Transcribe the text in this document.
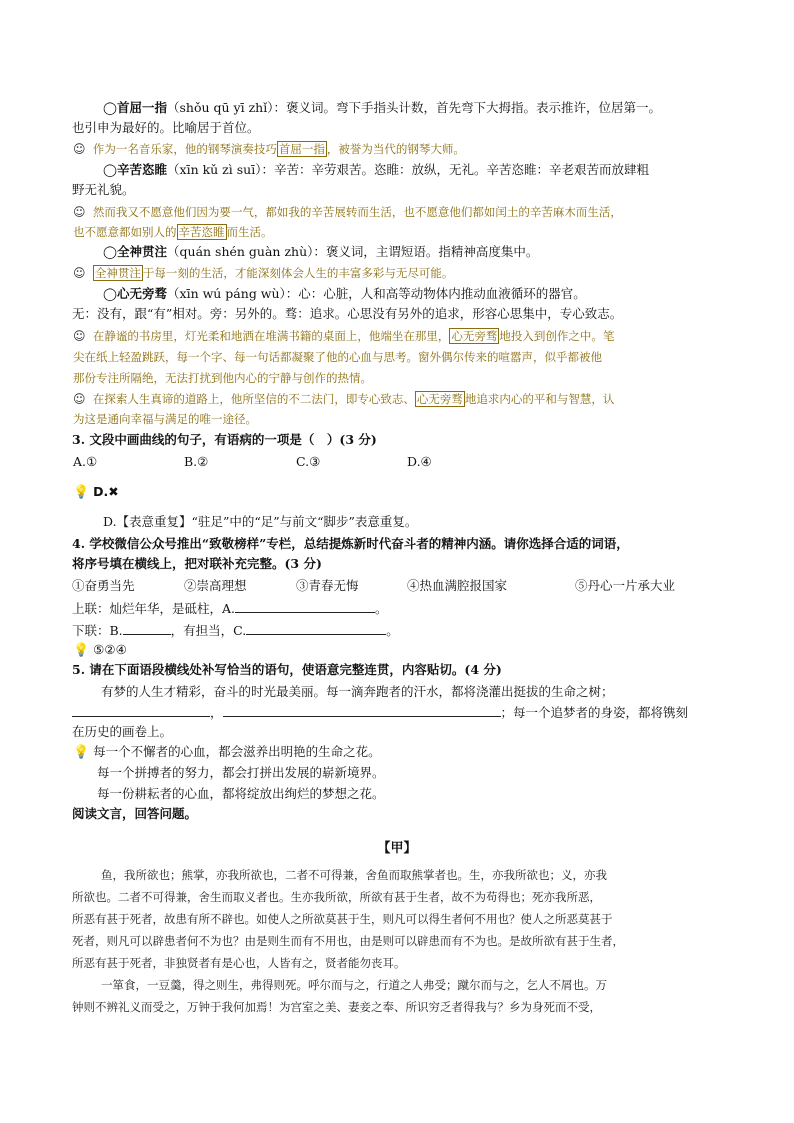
◯首屈一指（shǒu qū yī zhǐ）：褒义词。弯下手指头计数，首先弯下大拇指。表示推许，位居第一。
也引申为最好的。比喻居于首位。
☺ 作为一名音乐家，他的钢琴演奏技巧 首屈一指 ，被誉为当代的钢琴大师。
◯辛苦恣睢（xīn kǔ zì suī）：辛苦：辛劳艰苦。恣睢：放纵，无礼。辛苦恣睢：辛老艰苦而放肆粗
野无礼貌。
☺ 然而我又不愿意他们因为要一气，都如我的辛苦展转而生活，也不愿意他们都如闰土的辛苦麻木而生活，
也不愿意都如别人的 辛苦恣睢 而生活。
◯全神贯注（quán shén guàn zhù）：褒义词，主谓短语。指精神高度集中。
☺ 全神贯注 于每一刻的生活，才能深刻体会人生的丰富多彩与无尽可能。
◯心无旁骛（xīn wú páng wù）：心：心脏，人和高等动物体内推动血液循环的器官。
无：没有，跟“有”相对。旁：另外的。骛：追求。心思没有另外的追求，形容心思集中，专心致志。
☺ 在静谧的书房里，灯光柔和地洒在堆满书籍的桌面上，他端坐在那里， 心无旁骛 地投入到创作之中。笔
尖在纸上轻盈跳跃，每一个字、每一句话都凝聚了他的心血与思考。窗外偶尔传来的喧嚣声，似乎都被他
那份专注所隔绝，无法打扰到他内心的宁静与创作的热情。
☺ 在探索人生真谛的道路上，他所坚信的不二法门，即专心致志、 心无旁骛 地追求内心的平和与智慧，认
为这是通向幸福与满足的唯一途径。
3. 文段中画曲线的句子，有语病的一项是（　）(3 分)
A.①	B.②	C.③	D.④
💡 D.✖
D.【表意重复】“驻足”中的“足”与前文“脚步”表意重复。
4. 学校微信公众号推出“致敬榜样”专栏，总结提炼新时代奋斗者的精神内涵。请你选择合适的词语，
将序号填在横线上，把对联补充完整。(3 分)
①奋勇当先	②崇高理想	③青春无悔	④热血满腔报国家	⑤丹心一片承大业
上联：灿烂年华，是砥柱，A.	。
下联：B.	，有担当，C.	。
💡 ⑤②④
5. 请在下面语段横线处补写恰当的语句，使语意完整连贯，内容贴切。(4 分)
有梦的人生才精彩，奋斗的时光最美丽。每一滴奔跑者的汗水，都将浇灌出挺拔的生命之树；
，	；每一个追梦者的身姿，都将镌刻
在历史的画卷上。
💡 每一个不懈者的心血，都会滋养出明艳的生命之花。
每一个拼搏者的努力，都会打拼出发展的崭新境界。
每一份耕耘者的心血，都将绽放出绚烂的梦想之花。
阅读文言，回答问题。
【甲】
鱼，我所欲也；熊掌，亦我所欲也，二者不可得兼，舍鱼而取熊掌者也。生，亦我所欲也；义，亦我
所欲也。二者不可得兼，舍生而取义者也。生亦我所欲，所欲有甚于生者，故不为苟得也；死亦我所恶，
所恶有甚于死者，故患有所不辟也。如使人之所欲莫甚于生，则凡可以得生者何不用也？使人之所恶莫甚于
死者，则凡可以辟患者何不为也？由是则生而有不用也，由是则可以辟患而有不为也。是故所欲有甚于生者，
所恶有甚于死者，非独贤者有是心也，人皆有之，贤者能勿丧耳。
一箪食，一豆羹，得之则生，弗得则死。呼尔而与之，行道之人弗受；蹴尔而与之，乞人不屑也。万
钟则不辨礼义而受之，万钟于我何加焉！为宫室之美、妻妾之奉、所识穷乏者得我与？乡为身死而不受，
